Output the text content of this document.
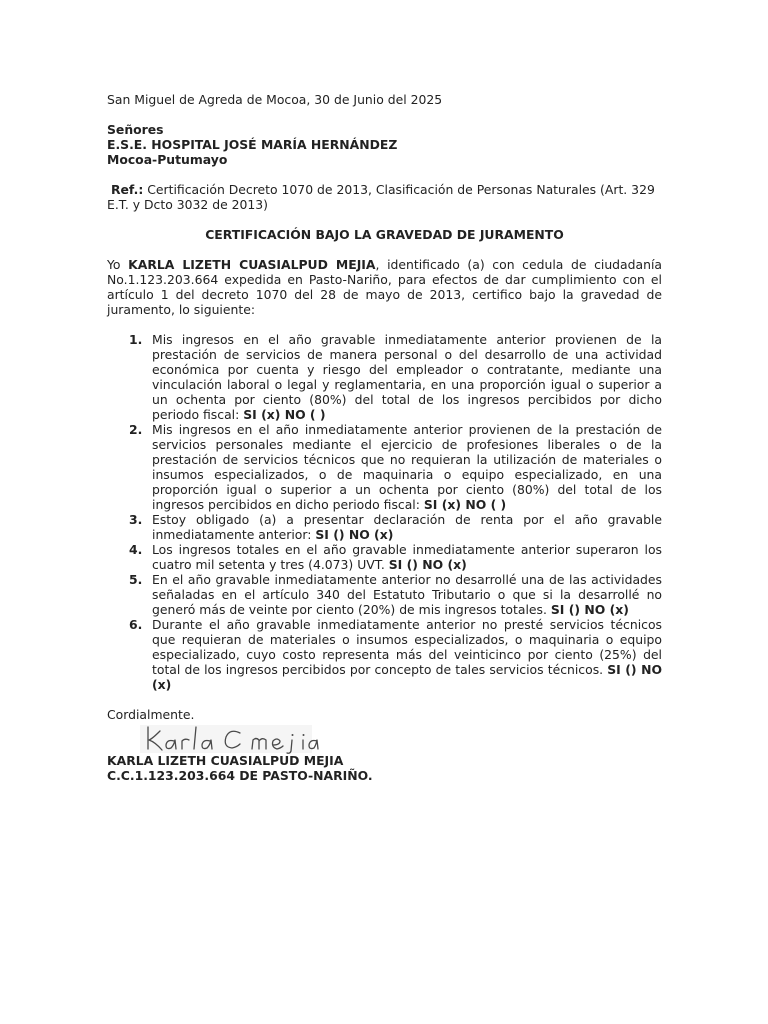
San Miguel de Agreda de Mocoa, 30 de Junio del 2025

Señores

E.S.E. HOSPITAL JOSÉ MARÍA HERNÁNDEZ

Mocoa-Putumayo

Ref.: Certificación Decreto 1070 de 2013, Clasificación de Personas Naturales (Art. 329 E.T. y Dcto 3032 de 2013)

CERTIFICACIÓN BAJO LA GRAVEDAD DE JURAMENTO

Yo KARLA LIZETH CUASIALPUD MEJIA, identificado (a) con cedula de ciudadanía No.1.123.203.664 expedida en Pasto-Nariño, para efectos de dar cumplimiento con el artículo 1 del decreto 1070 del 28 de mayo de 2013, certifico bajo la gravedad de juramento, lo siguiente:

1. Mis ingresos en el año gravable inmediatamente anterior provienen de la prestación de servicios de manera personal o del desarrollo de una actividad económica por cuenta y riesgo del empleador o contratante, mediante una vinculación laboral o legal y reglamentaria, en una proporción igual o superior a un ochenta por ciento (80%) del total de los ingresos percibidos por dicho periodo fiscal: SI (x) NO ( )
2. Mis ingresos en el año inmediatamente anterior provienen de la prestación de servicios personales mediante el ejercicio de profesiones liberales o de la prestación de servicios técnicos que no requieran la utilización de materiales o insumos especializados, o de maquinaria o equipo especializado, en una proporción igual o superior a un ochenta por ciento (80%) del total de los ingresos percibidos en dicho periodo fiscal: SI (x) NO ( )
3. Estoy obligado (a) a presentar declaración de renta por el año gravable inmediatamente anterior: SI () NO (x)
4. Los ingresos totales en el año gravable inmediatamente anterior superaron los cuatro mil setenta y tres (4.073) UVT. SI () NO (x)
5. En el año gravable inmediatamente anterior no desarrollé una de las actividades señaladas en el artículo 340 del Estatuto Tributario o que si la desarrollé no generó más de veinte por ciento (20%) de mis ingresos totales. SI () NO (x)
6. Durante el año gravable inmediatamente anterior no presté servicios técnicos que requieran de materiales o insumos especializados, o maquinaria o equipo especializado, cuyo costo representa más del veinticinco por ciento (25%) del total de los ingresos percibidos por concepto de tales servicios técnicos. SI () NO (x)

Cordialmente.

KARLA LIZETH CUASIALPUD MEJIA

C.C.1.123.203.664 DE PASTO-NARIÑO.
